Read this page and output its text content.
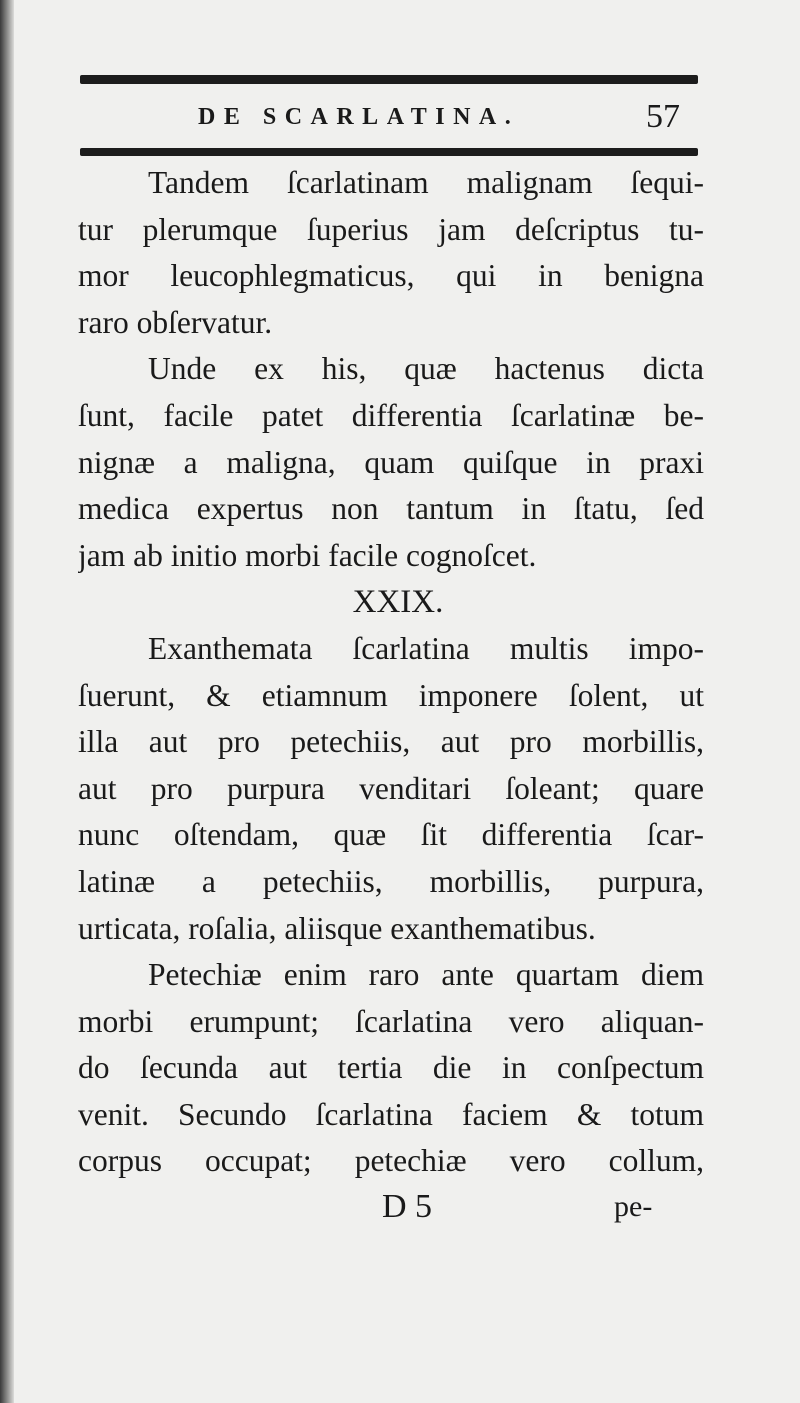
DE SCARLATINA.	57
Tandem ſcarlatinam malignam ſequi-
tur plerumque ſuperius jam deſcriptus tu-
mor leucophlegmaticus, qui in benigna
raro obſervatur.
Unde ex his, quæ hactenus dicta
ſunt, facile patet differentia ſcarlatinæ be-
nignæ a maligna, quam quiſque in praxi
medica expertus non tantum in ſtatu, ſed
jam ab initio morbi facile cognoſcet.
XXIX.
Exanthemata ſcarlatina multis impo-
ſuerunt, & etiamnum imponere ſolent, ut
illa aut pro petechiis, aut pro morbillis,
aut pro purpura venditari ſoleant; quare
nunc oſtendam, quæ ſit differentia ſcar-
latinæ a petechiis, morbillis, purpura,
urticata, roſalia, aliisque exanthematibus.
Petechiæ enim raro ante quartam diem
morbi erumpunt; ſcarlatina vero aliquan-
do ſecunda aut tertia die in conſpectum
venit. Secundo ſcarlatina faciem & totum
corpus occupat; petechiæ vero collum,
D 5	pe-
